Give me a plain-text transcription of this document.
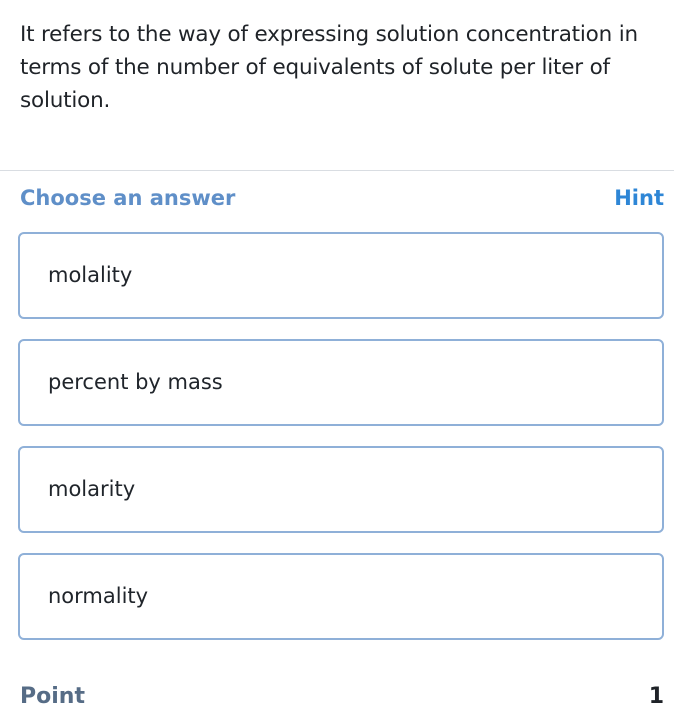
It refers to the way of expressing solution concentration in terms of the number of equivalents of solute per liter of solution.
Choose an answer	Hint
molality
percent by mass
molarity
normality
Point	1
